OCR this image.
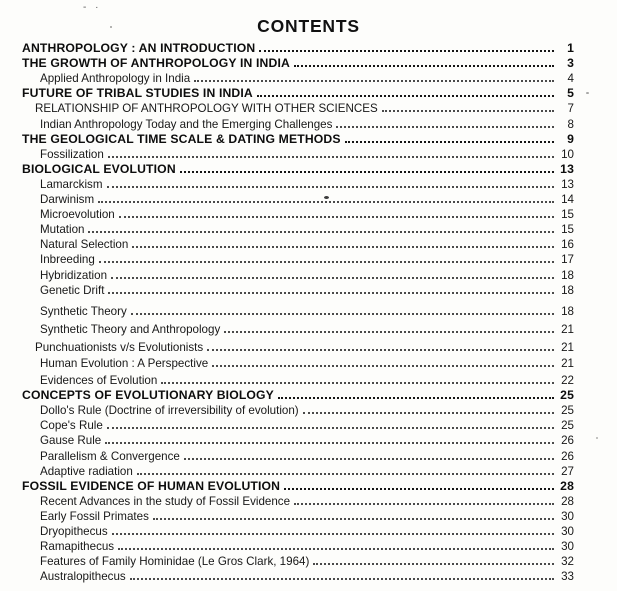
- ·
CONTENTS
ANTHROPOLOGY : AN INTRODUCTION	1
THE GROWTH OF ANTHROPOLOGY IN INDIA	3
Applied Anthropology in India	4
FUTURE OF TRIBAL STUDIES IN INDIA	5
RELATIONSHIP OF ANTHROPOLOGY WITH OTHER SCIENCES	7
Indian Anthropology Today and the Emerging Challenges	8
THE GEOLOGICAL TIME SCALE & DATING METHODS	9
Fossilization	10
BIOLOGICAL EVOLUTION	13
Lamarckism	13
Darwinism	14
Microevolution	15
Mutation	15
Natural Selection	16
Inbreeding	17
Hybridization	18
Genetic Drift	18
Synthetic Theory	18
Synthetic Theory and Anthropology	21
Punchuationists v/s Evolutionists	21
Human Evolution : A Perspective	21
Evidences of Evolution	22
CONCEPTS OF EVOLUTIONARY BIOLOGY	25
Dollo's Rule (Doctrine of irreversibility of evolution)	25
Cope's Rule	25
Gause Rule	26
Parallelism & Convergence	26
Adaptive radiation	27
FOSSIL EVIDENCE OF HUMAN EVOLUTION	28
Recent Advances in the study of Fossil Evidence	28
Early Fossil Primates	30
Dryopithecus	30
Ramapithecus	30
Features of Family Hominidae (Le Gros Clark, 1964)	32
Australopithecus	33
